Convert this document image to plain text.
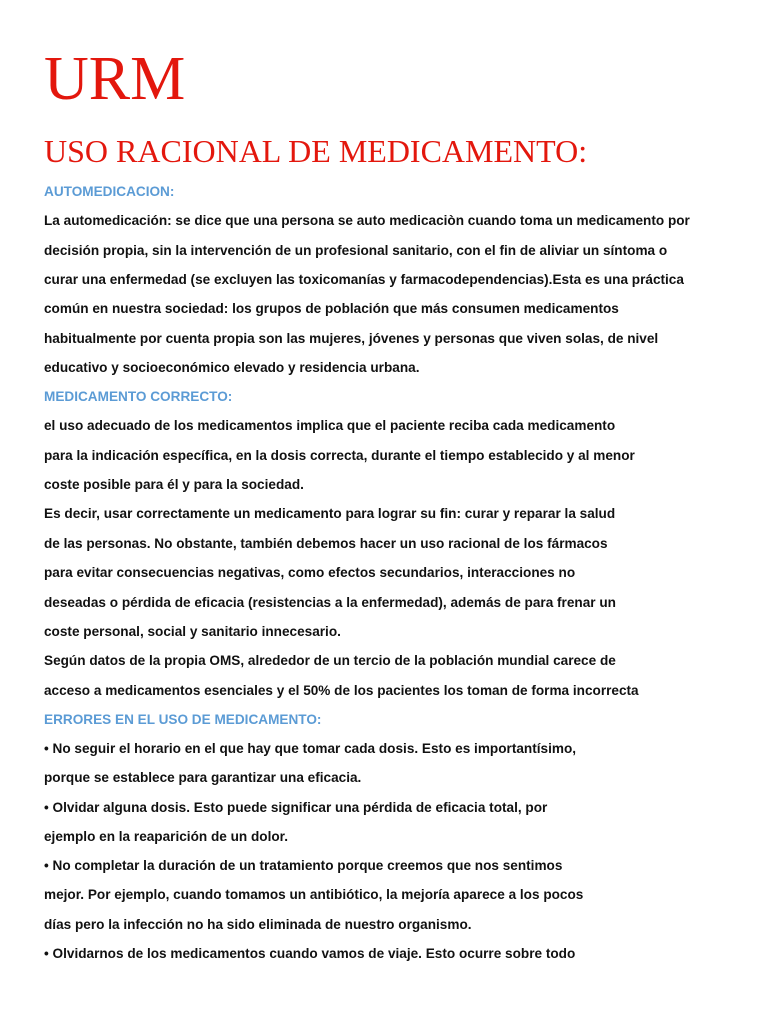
URM
USO RACIONAL DE MEDICAMENTO:
AUTOMEDICACION:
La automedicación: se dice que una persona se auto medicaciòn cuando toma un medicamento por
decisión propia, sin la intervención de un profesional sanitario, con el fin de aliviar un síntoma o
curar una enfermedad (se excluyen las toxicomanías y farmacodependencias).Esta es una práctica
común en nuestra sociedad: los grupos de población que más consumen medicamentos
habitualmente por cuenta propia son las mujeres, jóvenes y personas que viven solas, de nivel
educativo y socioeconómico elevado y residencia urbana.
MEDICAMENTO CORRECTO:
el uso adecuado de los medicamentos implica que el paciente reciba cada medicamento
para la indicación específica, en la dosis correcta, durante el tiempo establecido y al menor
coste posible para él y para la sociedad.
Es decir, usar correctamente un medicamento para lograr su fin: curar y reparar la salud
de las personas. No obstante, también debemos hacer un uso racional de los fármacos
para evitar consecuencias negativas, como efectos secundarios, interacciones no
deseadas o pérdida de eficacia (resistencias a la enfermedad), además de para frenar un
coste personal, social y sanitario innecesario.
Según datos de la propia OMS, alrededor de un tercio de la población mundial carece de
acceso a medicamentos esenciales y el 50% de los pacientes los toman de forma incorrecta
ERRORES EN EL USO DE MEDICAMENTO:
• No seguir el horario en el que hay que tomar cada dosis. Esto es importantísimo,
porque se establece para garantizar una eficacia.
• Olvidar alguna dosis. Esto puede significar una pérdida de eficacia total, por
ejemplo en la reaparición de un dolor.
• No completar la duración de un tratamiento porque creemos que nos sentimos
mejor. Por ejemplo, cuando tomamos un antibiótico, la mejoría aparece a los pocos
días pero la infección no ha sido eliminada de nuestro organismo.
• Olvidarnos de los medicamentos cuando vamos de viaje. Esto ocurre sobre todo
